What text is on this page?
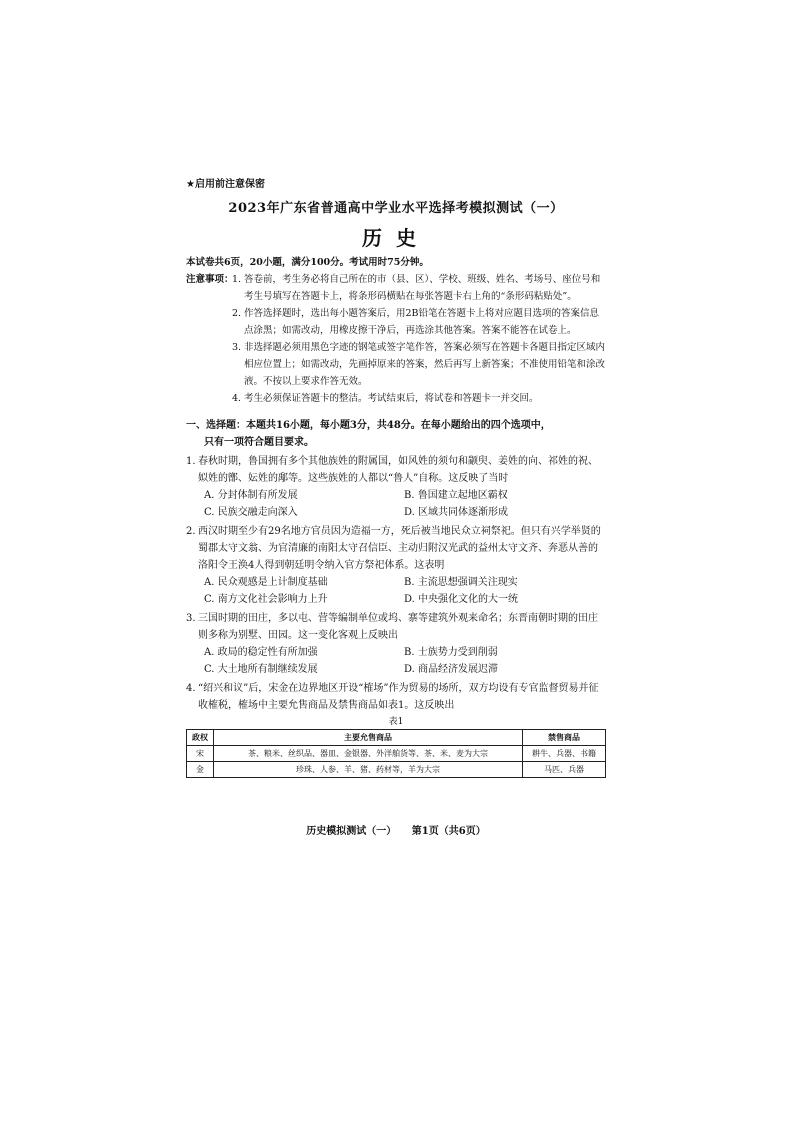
★启用前注意保密
2023年广东省普通高中学业水平选择考模拟测试（一）
历史
本试卷共6页，20小题，满分100分。考试用时75分钟。
注意事项：
1. 答卷前，考生务必将自己所在的市（县、区）、学校、班级、姓名、考场号、座位号和考生号填写在答题卡上，将条形码横贴在每张答题卡右上角的“条形码粘贴处”。
2. 作答选择题时，选出每小题答案后，用2B铅笔在答题卡上将对应题目选项的答案信息点涂黑；如需改动，用橡皮擦干净后，再选涂其他答案。答案不能答在试卷上。
3. 非选择题必须用黑色字迹的钢笔或签字笔作答，答案必须写在答题卡各题目指定区域内相应位置上；如需改动，先画掉原来的答案，然后再写上新答案；不准使用铅笔和涂改液。不按以上要求作答无效。
4. 考生必须保证答题卡的整洁。考试结束后，将试卷和答题卡一并交回。
一、选择题：本题共16小题，每小题3分，共48分。在每小题给出的四个选项中，
只有一项符合题目要求。
1. 春秋时期，鲁国拥有多个其他族姓的附属国，如风姓的须句和颛臾、姜姓的向、祁姓的祝、姒姓的鄫、妘姓的鄅等。这些族姓的人都以“鲁人”自称。这反映了当时
A. 分封体制有所发展	B. 鲁国建立起地区霸权
C. 民族交融走向深入	D. 区域共同体逐渐形成
2. 西汉时期至少有29名地方官员因为造福一方，死后被当地民众立祠祭祀。但只有兴学举贤的蜀郡太守文翁、为官清廉的南阳太守召信臣、主动归附汉光武的益州太守文齐、奔恶从善的洛阳令王涣4人得到朝廷明令纳入官方祭祀体系。这表明
A. 民众观感是上计制度基础	B. 主流思想强调关注现实
C. 南方文化社会影响力上升	D. 中央强化文化的大一统
3. 三国时期的田庄，多以屯、营等编制单位或坞、寨等建筑外观来命名；东晋南朝时期的田庄则多称为别墅、田园。这一变化客观上反映出
A. 政局的稳定性有所加强	B. 士族势力受到削弱
C. 大土地所有制继续发展	D. 商品经济发展迟滞
4. “绍兴和议”后，宋金在边界地区开设“榷场”作为贸易的场所，双方均设有专官监督贸易并征收榷税，榷场中主要允售商品及禁售商品如表1。这反映出
表1
政权	主要允售商品	禁售商品
宋	茶、粮米、丝织品、器皿、金银器、外洋舶货等、茶、米、麦为大宗	耕牛、兵器、书籍
金	珍珠、人参、羊、猪、药材等，羊为大宗	马匹、兵器
历史模拟测试（一） 第1页（共6页）
